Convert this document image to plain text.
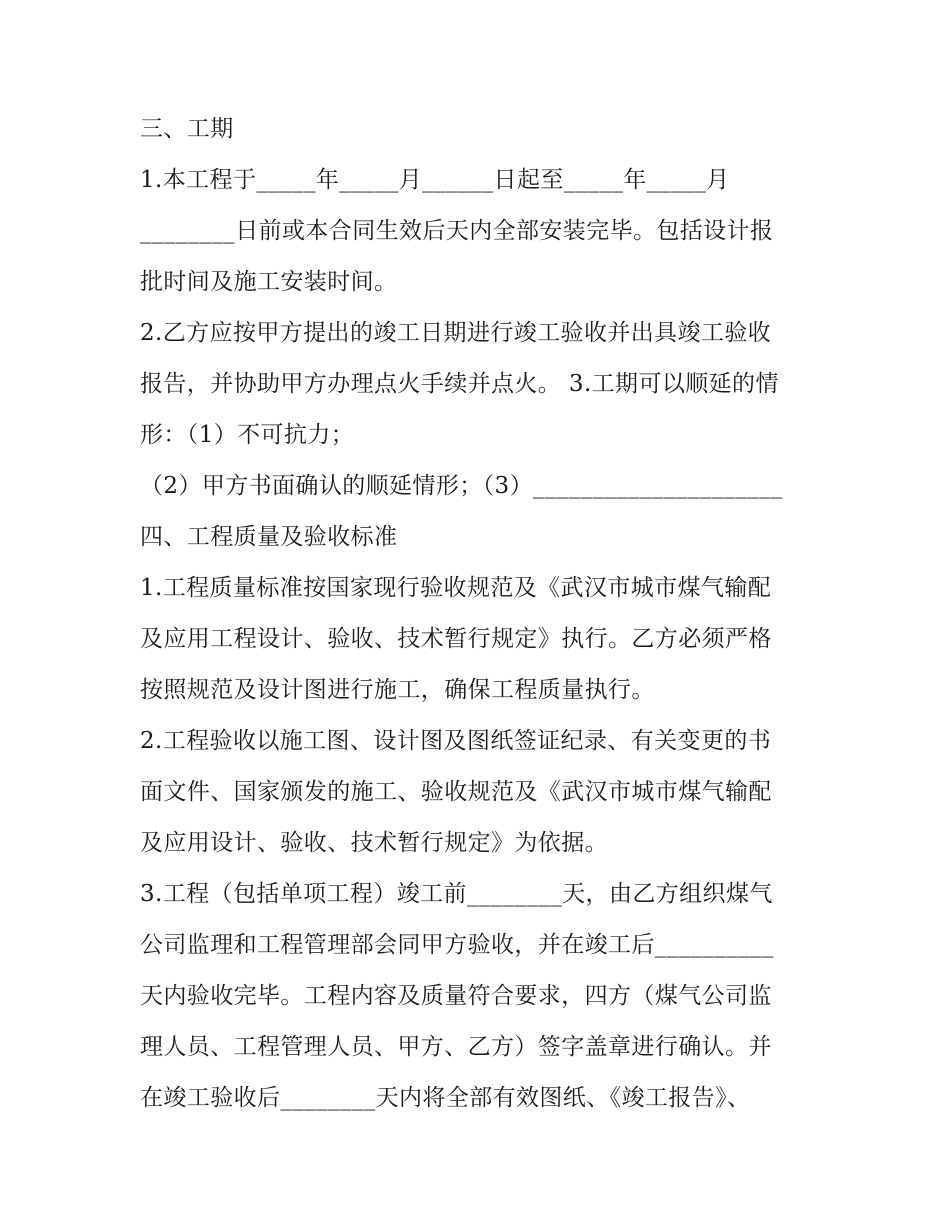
三、工期
1.本工程于_____年_____月______日起至_____年_____月
________日前或本合同生效后天内全部安装完毕。包括设计报
批时间及施工安装时间。
2.乙方应按甲方提出的竣工日期进行竣工验收并出具竣工验收
报告，并协助甲方办理点火手续并点火。 3.工期可以顺延的情
形：（1）不可抗力；
（2）甲方书面确认的顺延情形；（3）_____________________
四、工程质量及验收标准
1.工程质量标准按国家现行验收规范及《武汉市城市煤气输配
及应用工程设计、验收、技术暂行规定》执行。乙方必须严格
按照规范及设计图进行施工，确保工程质量执行。
2.工程验收以施工图、设计图及图纸签证纪录、有关变更的书
面文件、国家颁发的施工、验收规范及《武汉市城市煤气输配
及应用设计、验收、技术暂行规定》为依据。
3.工程（包括单项工程）竣工前________天，由乙方组织煤气
公司监理和工程管理部会同甲方验收，并在竣工后__________
天内验收完毕。工程内容及质量符合要求，四方（煤气公司监
理人员、工程管理人员、甲方、乙方）签字盖章进行确认。并
在竣工验收后________天内将全部有效图纸、《竣工报告》、
